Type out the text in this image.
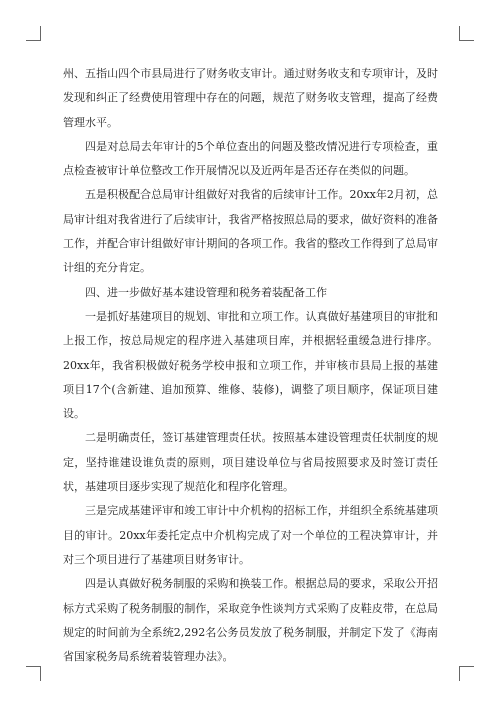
州、五指山四个市县局进行了财务收支审计。通过财务收支和专项审计，及时发现和纠正了经费使用管理中存在的问题，规范了财务收支管理，提高了经费管理水平。

四是对总局去年审计的5个单位查出的问题及整改情况进行专项检查，重点检查被审计单位整改工作开展情况以及近两年是否还存在类似的问题。

五是积极配合总局审计组做好对我省的后续审计工作。20xx年2月初，总局审计组对我省进行了后续审计，我省严格按照总局的要求，做好资料的准备工作，并配合审计组做好审计期间的各项工作。我省的整改工作得到了总局审计组的充分肯定。

四、进一步做好基本建设管理和税务着装配备工作

一是抓好基建项目的规划、审批和立项工作。认真做好基建项目的审批和上报工作，按总局规定的程序进入基建项目库，并根据轻重缓急进行排序。20xx年，我省积极做好税务学校申报和立项工作，并审核市县局上报的基建项目17个(含新建、追加预算、维修、装修)，调整了项目顺序，保证项目建设。

二是明确责任，签订基建管理责任状。按照基本建设管理责任状制度的规定，坚持谁建设谁负责的原则，项目建设单位与省局按照要求及时签订责任状，基建项目逐步实现了规范化和程序化管理。

三是完成基建评审和竣工审计中介机构的招标工作，并组织全系统基建项目的审计。20xx年委托定点中介机构完成了对一个单位的工程决算审计，并对三个项目进行了基建项目财务审计。

四是认真做好税务制服的采购和换装工作。根据总局的要求，采取公开招标方式采购了税务制服的制作，采取竞争性谈判方式采购了皮鞋皮带，在总局规定的时间前为全系统2,292名公务员发放了税务制服，并制定下发了《海南省国家税务局系统着装管理办法》。
